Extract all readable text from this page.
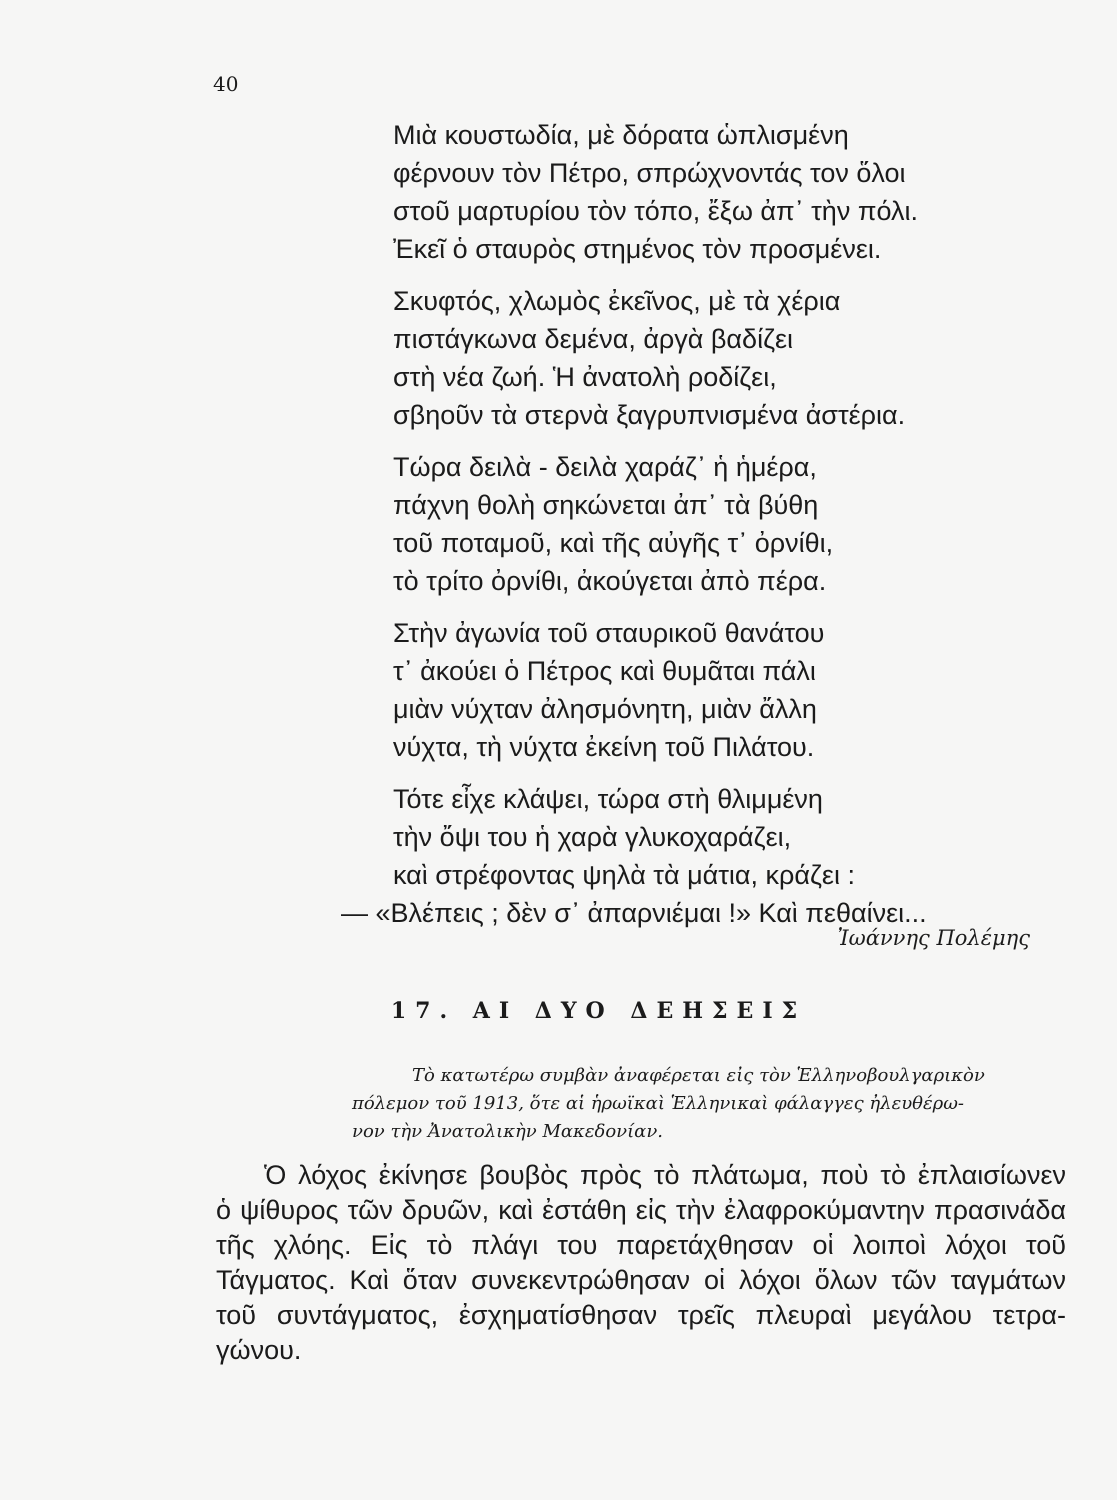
40
Μιὰ κουστωδία, μὲ δόρατα ὡπλισμένη
φέρνουν τὸν Πέτρο, σπρώχνοντάς τον ὅλοι
στοῦ μαρτυρίου τὸν τόπο, ἔξω ἀπ᾿ τὴν πόλι.
Ἐκεῖ ὁ σταυρὸς στημένος τὸν προσμένει.
Σκυφτός, χλωμὸς ἐκεῖνος, μὲ τὰ χέρια
πιστάγκωνα δεμένα, ἀργὰ βαδίζει
στὴ νέα ζωή. Ἡ ἀνατολὴ ροδίζει,
σβηοῦν τὰ στερνὰ ξαγρυπνισμένα ἀστέρια.
Τώρα δειλὰ - δειλὰ χαράζ᾿ ἡ ἡμέρα,
πάχνη θολὴ σηκώνεται ἀπ᾿ τὰ βύθη
τοῦ ποταμοῦ, καὶ τῆς αὐγῆς τ᾿ ὀρνίθι,
τὸ τρίτο ὀρνίθι, ἀκούγεται ἀπὸ πέρα.
Στὴν ἀγωνία τοῦ σταυρικοῦ θανάτου
τ᾿ ἀκούει ὁ Πέτρος καὶ θυμᾶται πάλι
μιὰν νύχταν ἀλησμόνητη, μιὰν ἄλλη
νύχτα, τὴ νύχτα ἐκείνη τοῦ Πιλάτου.
Τότε εἶχε κλάψει, τώρα στὴ θλιμμένη
τὴν ὄψι του ἡ χαρὰ γλυκοχαράζει,
καὶ στρέφοντας ψηλὰ τὰ μάτια, κράζει :
— «Βλέπεις ; δὲν σ᾿ ἀπαρνιέμαι !» Καὶ πεθαίνει...
Ἰωάννης Πολέμης
17. ΑΙ ΔΥΟ ΔΕΗΣΕΙΣ
Τὸ κατωτέρω συμβὰν ἀναφέρεται εἰς τὸν Ἑλληνοβουλγαρικὸν
πόλεμον τοῦ 1913, ὅτε αἱ ἡρωϊκαὶ Ἑλληνικαὶ φάλαγγες ἠλευθέρω-
νον τὴν Ἀνατολικὴν Μακεδονίαν.
Ὁ λόχος ἐκίνησε βουβὸς πρὸς τὸ πλάτωμα, ποὺ τὸ ἐπλαισίωνεν
ὁ ψίθυρος τῶν δρυῶν, καὶ ἐστάθη εἰς τὴν ἐλαφροκύμαντην πρασινάδα
τῆς χλόης. Εἰς τὸ πλάγι του παρετάχθησαν οἱ λοιποὶ λόχοι τοῦ
Τάγματος. Καὶ ὅταν συνεκεντρώθησαν οἱ λόχοι ὅλων τῶν ταγμάτων
τοῦ συντάγματος, ἐσχηματίσθησαν τρεῖς πλευραὶ μεγάλου τετρα-
γώνου.
